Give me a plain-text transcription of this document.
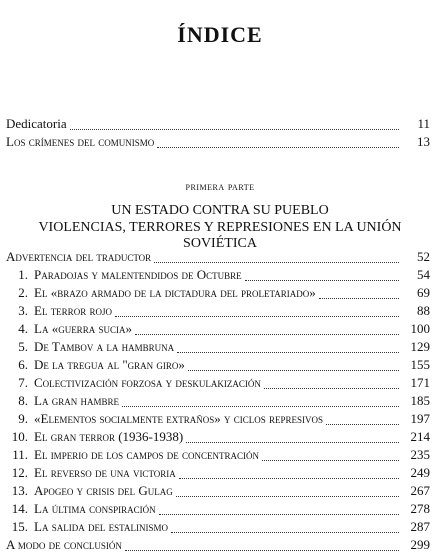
ÍNDICE
Dedicatoria	11
Los crímenes del comunismo	13
primera parte
UN ESTADO CONTRA SU PUEBLO
VIOLENCIAS, TERRORES Y REPRESIONES EN LA UNIÓN SOVIÉTICA
Advertencia del traductor	52
1. Paradojas y malentendidos de Octubre	54
2. El «brazo armado de la dictadura del proletariado»	69
3. El terror rojo	88
4. La «guerra sucia»	100
5. De Tambov a la hambruna	129
6. De la tregua al "gran giro»	155
7. Colectivización forzosa y deskulakización	171
8. La gran hambre	185
9. «Elementos socialmente extraños» y ciclos represivos	197
10. El gran terror (1936-1938)	214
11. El imperio de los campos de concentración	235
12. El reverso de una victoria	249
13. Apogeo y crisis del Gulag	267
14. La última conspiración	278
15. La salida del estalinismo	287
A modo de conclusión	299
